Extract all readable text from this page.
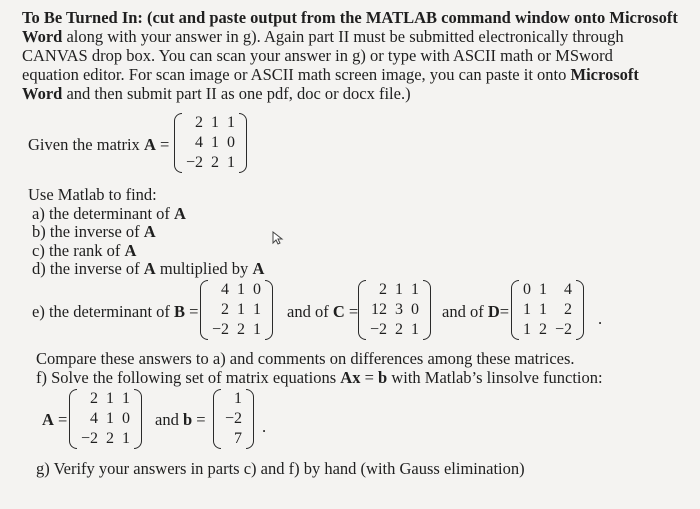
To Be Turned In: (cut and paste output from the MATLAB command window onto Microsoft

Word along with your answer in g). Again part II must be submitted electronically through

CANVAS drop box. You can scan your answer in g) or type with ASCII math or MSword

equation editor. For scan image or ASCII math screen image, you can paste it onto Microsoft

Word and then submit part II as one pdf, doc or docx file.)

Given the matrix A =
2	1	1
4	1	0
−2	2	1
Use Matlab to find:
a) the determinant of A
b) the inverse of A
c) the rank of A
d) the inverse of A multiplied by A
e) the determinant of B =
4	1	0
2	1	1
−2	2	1
and of C =
2	1	1
12	3	0
−2	2	1
and of D=
0	1	4
1	1	2
1	2	−2
.
Compare these answers to a) and comments on differences among these matrices.
f) Solve the following set of matrix equations Ax = b with Matlab’s linsolve function:
A =
2	1	1
4	1	0
−2	2	1
and b =
1
−2
7
.
g) Verify your answers in parts c) and f) by hand (with Gauss elimination)
